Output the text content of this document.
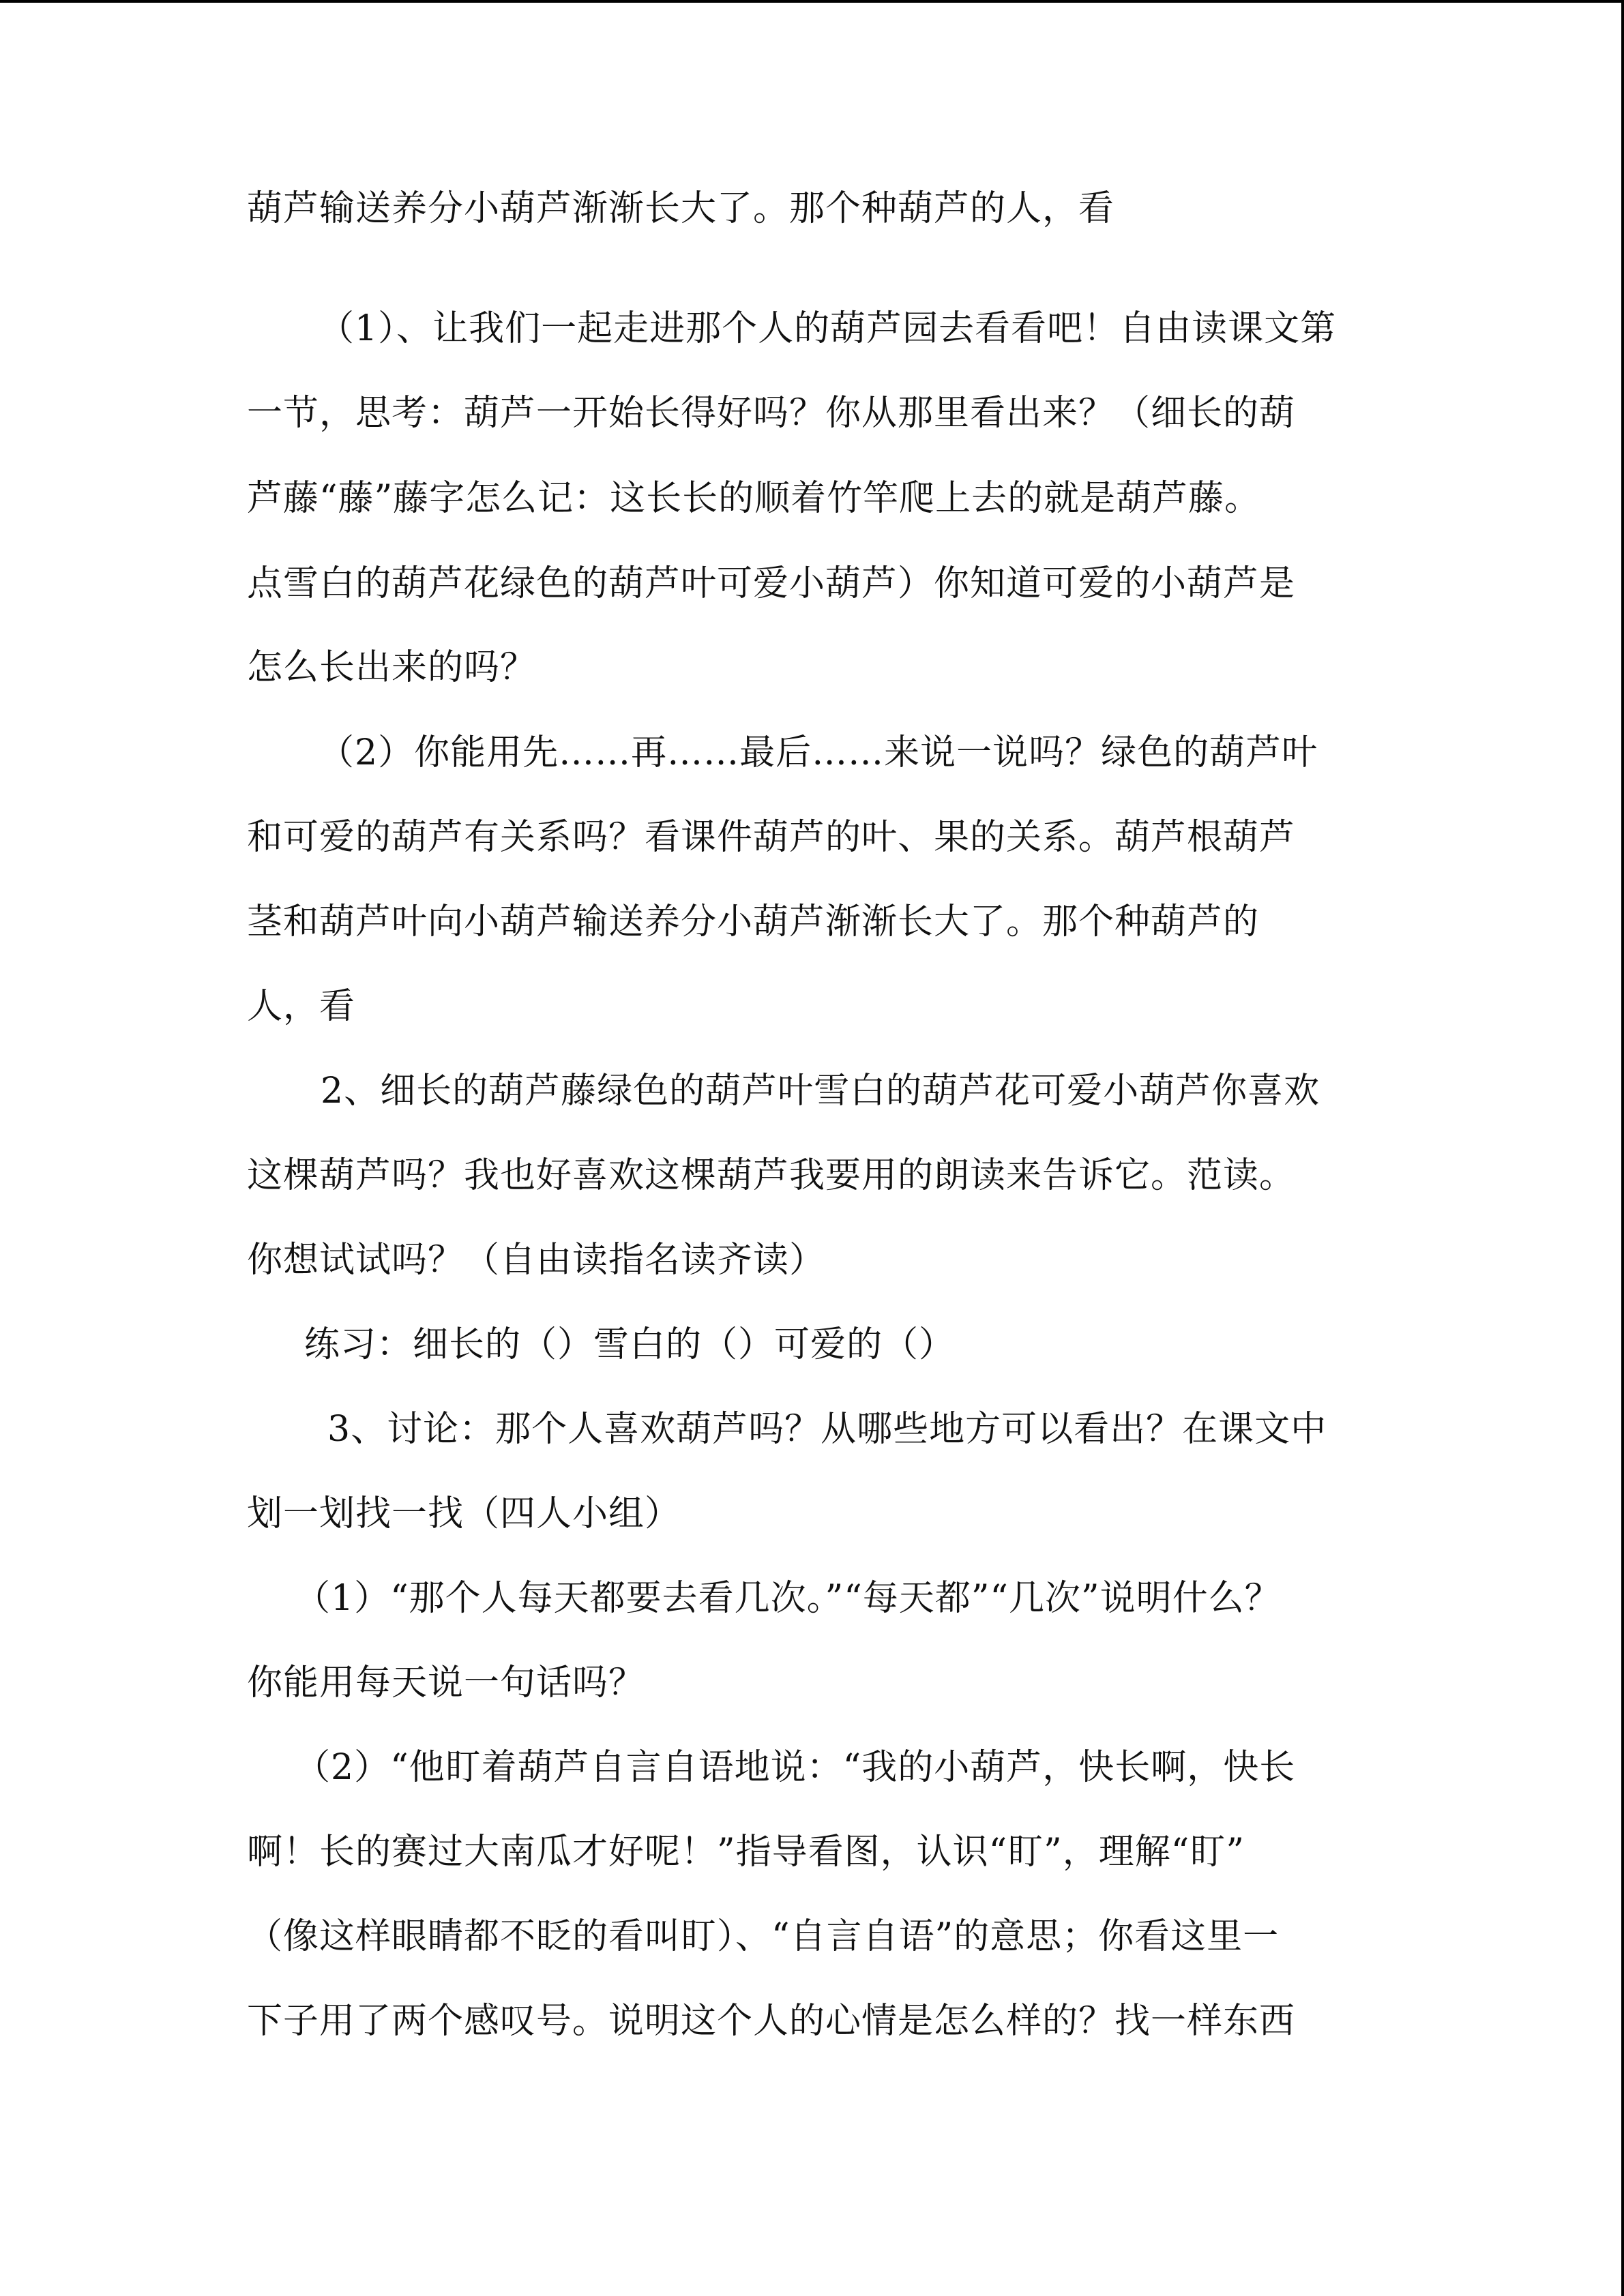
葫芦输送养分小葫芦渐渐长大了。那个种葫芦的人，看
（1）、让我们一起走进那个人的葫芦园去看看吧！自由读课文第
一节，思考：葫芦一开始长得好吗？你从那里看出来？（细长的葫
芦藤“藤”藤字怎么记：这长长的顺着竹竿爬上去的就是葫芦藤。
点雪白的葫芦花绿色的葫芦叶可爱小葫芦）你知道可爱的小葫芦是
怎么长出来的吗？
（2）你能用先……再……最后……来说一说吗？绿色的葫芦叶
和可爱的葫芦有关系吗？看课件葫芦的叶、果的关系。葫芦根葫芦
茎和葫芦叶向小葫芦输送养分小葫芦渐渐长大了。那个种葫芦的
人，看
2、细长的葫芦藤绿色的葫芦叶雪白的葫芦花可爱小葫芦你喜欢
这棵葫芦吗？我也好喜欢这棵葫芦我要用的朗读来告诉它。范读。
你想试试吗？（自由读指名读齐读）
练习：细长的（）雪白的（）可爱的（）
3、讨论：那个人喜欢葫芦吗？从哪些地方可以看出？在课文中
划一划找一找（四人小组）
（1）“那个人每天都要去看几次。”“每天都”“几次”说明什么？
你能用每天说一句话吗？
（2）“他盯着葫芦自言自语地说：“我的小葫芦，快长啊，快长
啊！长的赛过大南瓜才好呢！”指导看图，认识“盯”，理解“盯”
（像这样眼睛都不眨的看叫盯）、“自言自语”的意思；你看这里一
下子用了两个感叹号。说明这个人的心情是怎么样的？找一样东西
